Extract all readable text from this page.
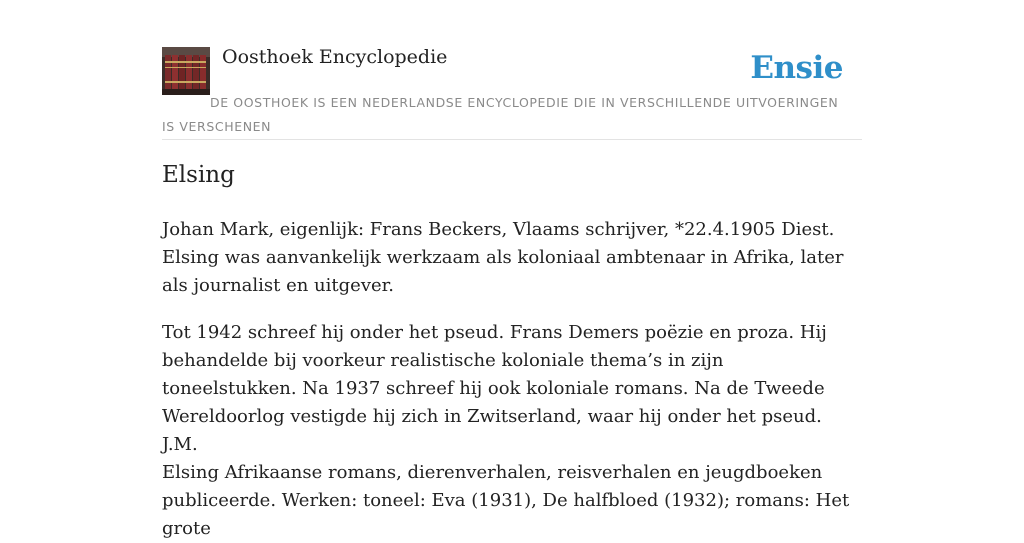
Oosthoek Encyclopedie	Ensie
DE OOSTHOEK IS EEN NEDERLANDSE ENCYCLOPEDIE DIE IN VERSCHILLENDE UITVOERINGEN IS VERSCHENEN
Elsing

Johan Mark, eigenlijk: Frans Beckers, Vlaams schrijver, *22.4.1905 Diest. Elsing was aanvankelijk werkzaam als koloniaal ambtenaar in Afrika, later als journalist en uitgever.

Tot 1942 schreef hij onder het pseud. Frans Demers poëzie en proza. Hij behandelde bij voorkeur realistische koloniale thema’s in zijn toneelstukken. Na 1937 schreef hij ook koloniale romans. Na de Tweede Wereldoorlog vestigde hij zich in Zwitserland, waar hij onder het pseud. J.M.

Elsing Afrikaanse romans, dierenverhalen, reisverhalen en jeugdboeken publiceerde. Werken: toneel: Eva (1931), De halfbloed (1932); romans: Het grote
